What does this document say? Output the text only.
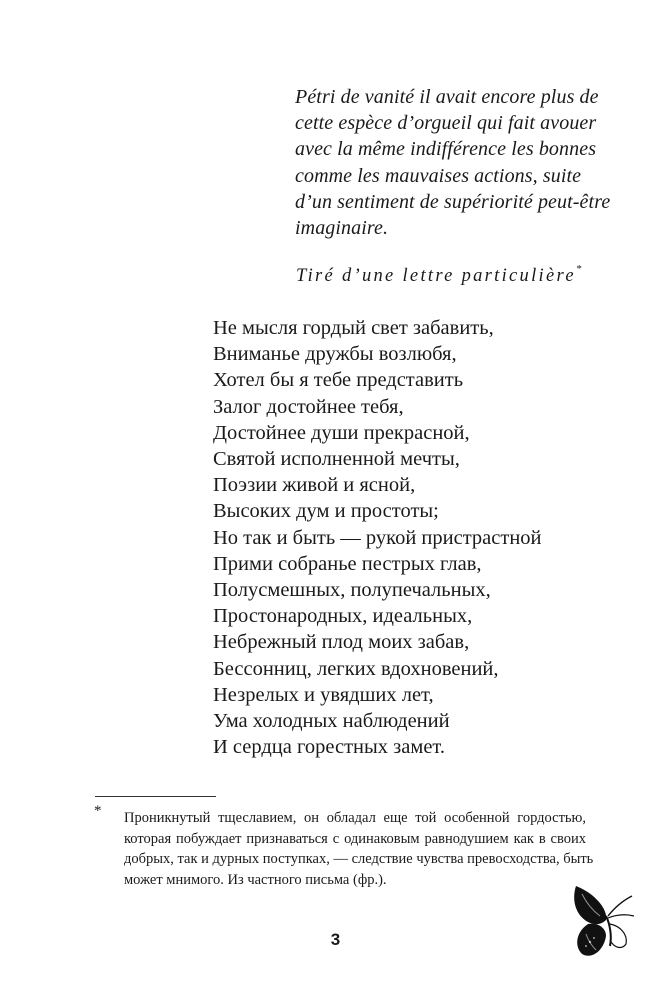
Pétri de vanité il avait encore plus de
cette espèce d’orgueil qui fait avouer
avec la même indifférence les bonnes
comme les mauvaises actions, suite
d’un sentiment de supériorité peut-être
imaginaire.
Tiré d’une lettre particulière*
Не мысля гордый свет забавить,
Вниманье дружбы возлюбя,
Хотел бы я тебе представить
Залог достойнее тебя,
Достойнее души прекрасной,
Святой исполненной мечты,
Поэзии живой и ясной,
Высоких дум и простоты;
Но так и быть — рукой пристрастной
Прими собранье пестрых глав,
Полусмешных, полупечальных,
Простонародных, идеальных,
Небрежный плод моих забав,
Бессонниц, легких вдохновений,
Незрелых и увядших лет,
Ума холодных наблюдений
И сердца горестных замет.
* Проникнутый тщеславием, он обладал еще той особенной гордостью,
которая побуждает признаваться с одинаковым равнодушием как в своих
добрых, так и дурных поступках, — следствие чувства превосходства, быть
может мнимого. Из частного письма (фр.).
3
